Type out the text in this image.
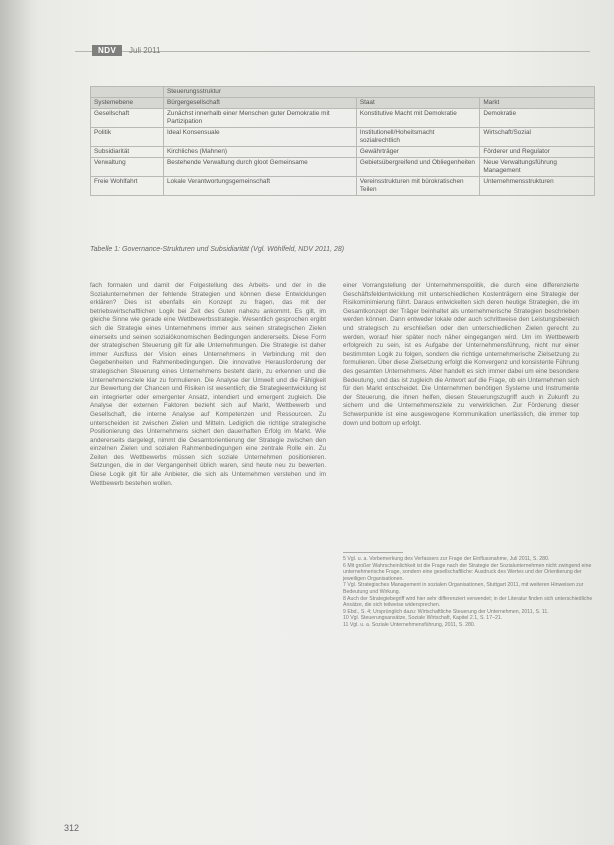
NDV	Juli 2011
	Steuerungsstruktur		
Systemebene	Bürgergesellschaft	Staat	Markt
Gesellschaft	Zunächst innerhalb einer Menschen guter Demokratie mit Partizipation	Konstitutive Macht mit Demokratie	Demokratie
Politik	Ideal Konsensuale	Institutionell/Hoheitsmacht sozialrechtlich	Wirtschaft/Sozial
Subsidiarität	Kirchliches (Mahnen)	Gewährträger	Förderer und Regulator
Verwaltung	Bestehende Verwaltung durch gloot Gemeinsame	Gebietsübergreifend und Obliegenheiten	Neue Verwaltungsführung Management
Freie Wohlfahrt	Lokale Verantwortungsgemeinschaft	Vereinsstrukturen mit bürokratischen Teilen	Unternehmensstrukturen
Tabelle 1: Governance-Strukturen und Subsidiarität (Vgl. Wöhlfeld, NDV 2011, 28)

fach formalen und damit der Folgestellung des Arbeits- und der in die Sozialunternehmen der fehlende Strategien und können diese Entwicklungen erklären? Dies ist ebenfalls ein Konzept zu fragen, das mit der betriebswirtschaftlichen Logik bei Zeit des Guten nahezu ankommt. Es gilt, im gleiche Sinne wie gerade eine Wettbewerbsstrategie. Wesentlich gesprochen ergibt sich die Strategie eines Unternehmens immer aus seinen strategischen Zielen einerseits und seinen sozialökonomischen Bedingungen andererseits. Diese Form der strategischen Steuerung gilt für alle Unternehmungen. Die Strategie ist daher immer Ausfluss der Vision eines Unternehmens in Verbindung mit den Gegebenheiten und Rahmenbedingungen. Die innovative Herausforderung der strategischen Steuerung eines Unternehmens besteht darin, zu erkennen und die Unternehmensziele klar zu formulieren. Die Analyse der Umwelt und die Fähigkeit zur Bewertung der Chancen und Risiken ist wesentlich; die Strategieentwicklung ist ein integrierter oder emergenter Ansatz, intendiert und emergent zugleich. Die Analyse der externen Faktoren bezieht sich auf Markt, Wettbewerb und Gesellschaft, die interne Analyse auf Kompetenzen und Ressourcen. Zu unterscheiden ist zwischen Zielen und Mitteln. Lediglich die richtige strategische Positionierung des Unternehmens sichert den dauerhaften Erfolg im Markt. Wie andererseits dargelegt, nimmt die Gesamtorientierung der Strategie zwischen den einzelnen Zielen und sozialen Rahmenbedingungen eine zentrale Rolle ein. Zu Zeiten des Wettbewerbs müssen sich soziale Unternehmen positionieren. Setzungen, die in der Vergangenheit üblich waren, sind heute neu zu bewerten. Diese Logik gilt für alle Anbieter, die sich als Unternehmen verstehen und im Wettbewerb bestehen wollen.

einer Vorrangstellung der Unternehmenspolitik, die durch eine differenzierte Geschäftsfeldentwicklung mit unterschiedlichen Kostenträgern eine Strategie der Risikominimierung führt. Daraus entwickelten sich deren heutige Strategien, die im Gesamtkonzept der Träger beinhaltet als unternehmerische Strategien beschrieben werden können. Dann entweder lokale oder auch schrittweise den Leistungsbereich und strategisch zu erschließen oder den unterschiedlichen Zielen gerecht zu werden, worauf hier später noch näher eingegangen wird. Um im Wettbewerb erfolgreich zu sein, ist es Aufgabe der Unternehmensführung, nicht nur einer bestimmten Logik zu folgen, sondern die richtige unternehmerische Zielsetzung zu formulieren. Über diese Zielsetzung erfolgt die Konvergenz und konsistente Führung des gesamten Unternehmens. Aber handelt es sich immer dabei um eine besondere Bedeutung, und das ist zugleich die Antwort auf die Frage, ob ein Unternehmen sich für den Markt entscheidet. Die Unternehmen benötigen Systeme und Instrumente der Steuerung, die ihnen helfen, diesen Steuerungszugriff auch in Zukunft zu sichern und die Unternehmensziele zu verwirklichen. Zur Förderung dieser Schwerpunkte ist eine ausgewogene Kommunikation unerlässlich, die immer top down und bottom up erfolgt.

5 Vgl. u. a. Vorbemerkung des Verfassers zur Frage der Einflussnahme, Juli 2011, S. 280.
6 Mit großer Wahrscheinlichkeit ist die Frage nach der Strategie der Sozialunternehmen nicht zwingend eine unternehmerische Frage, sondern eine gesellschaftliche: Ausdruck des Wertes und der Orientierung der jeweiligen Organisationen.
7 Vgl. Strategisches Management in sozialen Organisationen, Stuttgart 2011, mit weiteren Hinweisen zur Bedeutung und Wirkung.
8 Auch der Strategiebegriff wird hier sehr differenziert verwendet; in der Literatur finden sich unterschiedliche Ansätze, die sich teilweise widersprechen.
9 Ebd., S. 4; Ursprünglich dazu: Wirtschaftliche Steuerung der Unternehmen, 2011, S. 11.
10 Vgl. Steuerungsansätze, Soziale Wirtschaft, Kapitel 2.1, S. 17–21.
11 Vgl. u. a. Soziale Unternehmensführung, 2011, S. 280.
312
